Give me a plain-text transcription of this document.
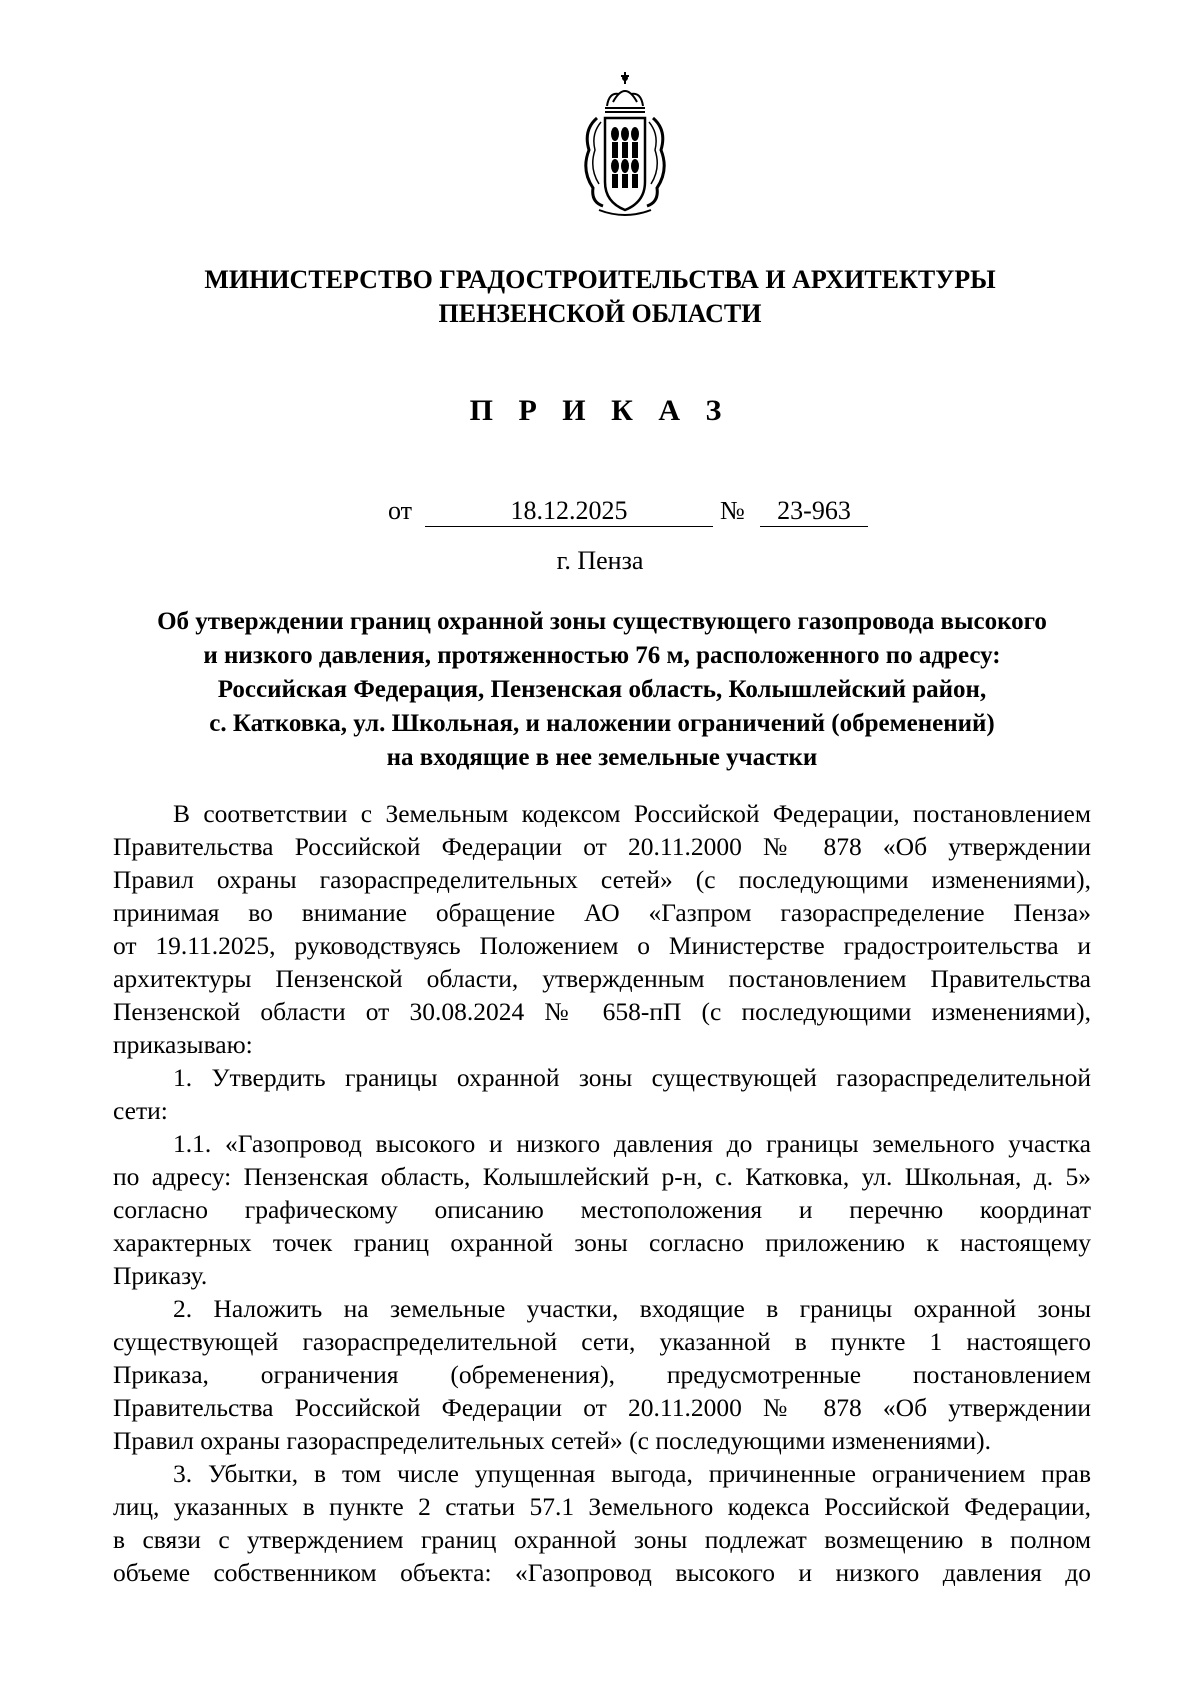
МИНИСТЕРСТВО ГРАДОСТРОИТЕЛЬСТВА И АРХИТЕКТУРЫ
ПЕНЗЕНСКОЙ ОБЛАСТИ
П Р И К А З
от	18.12.2025	№	23-963
г. Пенза
Об утверждении границ охранной зоны существующего газопровода высокого
и низкого давления, протяженностью 76 м, расположенного по адресу:
Российская Федерация, Пензенская область, Колышлейский район,
с. Катковка, ул. Школьная, и наложении ограничений (обременений)
на входящие в нее земельные участки
В соответствии с Земельным кодексом Российской Федерации, постановлением
Правительства Российской Федерации от 20.11.2000 № 878 «Об утверждении
Правил охраны газораспределительных сетей» (с последующими изменениями),
принимая во внимание обращение АО «Газпром газораспределение Пенза»
от 19.11.2025, руководствуясь Положением о Министерстве градостроительства и
архитектуры Пензенской области, утвержденным постановлением Правительства
Пензенской области от 30.08.2024 № 658-пП (с последующими изменениями),
приказываю:
1. Утвердить границы охранной зоны существующей газораспределительной
сети:
1.1. «Газопровод высокого и низкого давления до границы земельного участка
по адресу: Пензенская область, Колышлейский р-н, с. Катковка, ул. Школьная, д. 5»
согласно графическому описанию местоположения и перечню координат
характерных точек границ охранной зоны согласно приложению к настоящему
Приказу.
2. Наложить на земельные участки, входящие в границы охранной зоны
существующей газораспределительной сети, указанной в пункте 1 настоящего
Приказа, ограничения (обременения), предусмотренные постановлением
Правительства Российской Федерации от 20.11.2000 № 878 «Об утверждении
Правил охраны газораспределительных сетей» (с последующими изменениями).
3. Убытки, в том числе упущенная выгода, причиненные ограничением прав
лиц, указанных в пункте 2 статьи 57.1 Земельного кодекса Российской Федерации,
в связи с утверждением границ охранной зоны подлежат возмещению в полном
объеме собственником объекта: «Газопровод высокого и низкого давления до
